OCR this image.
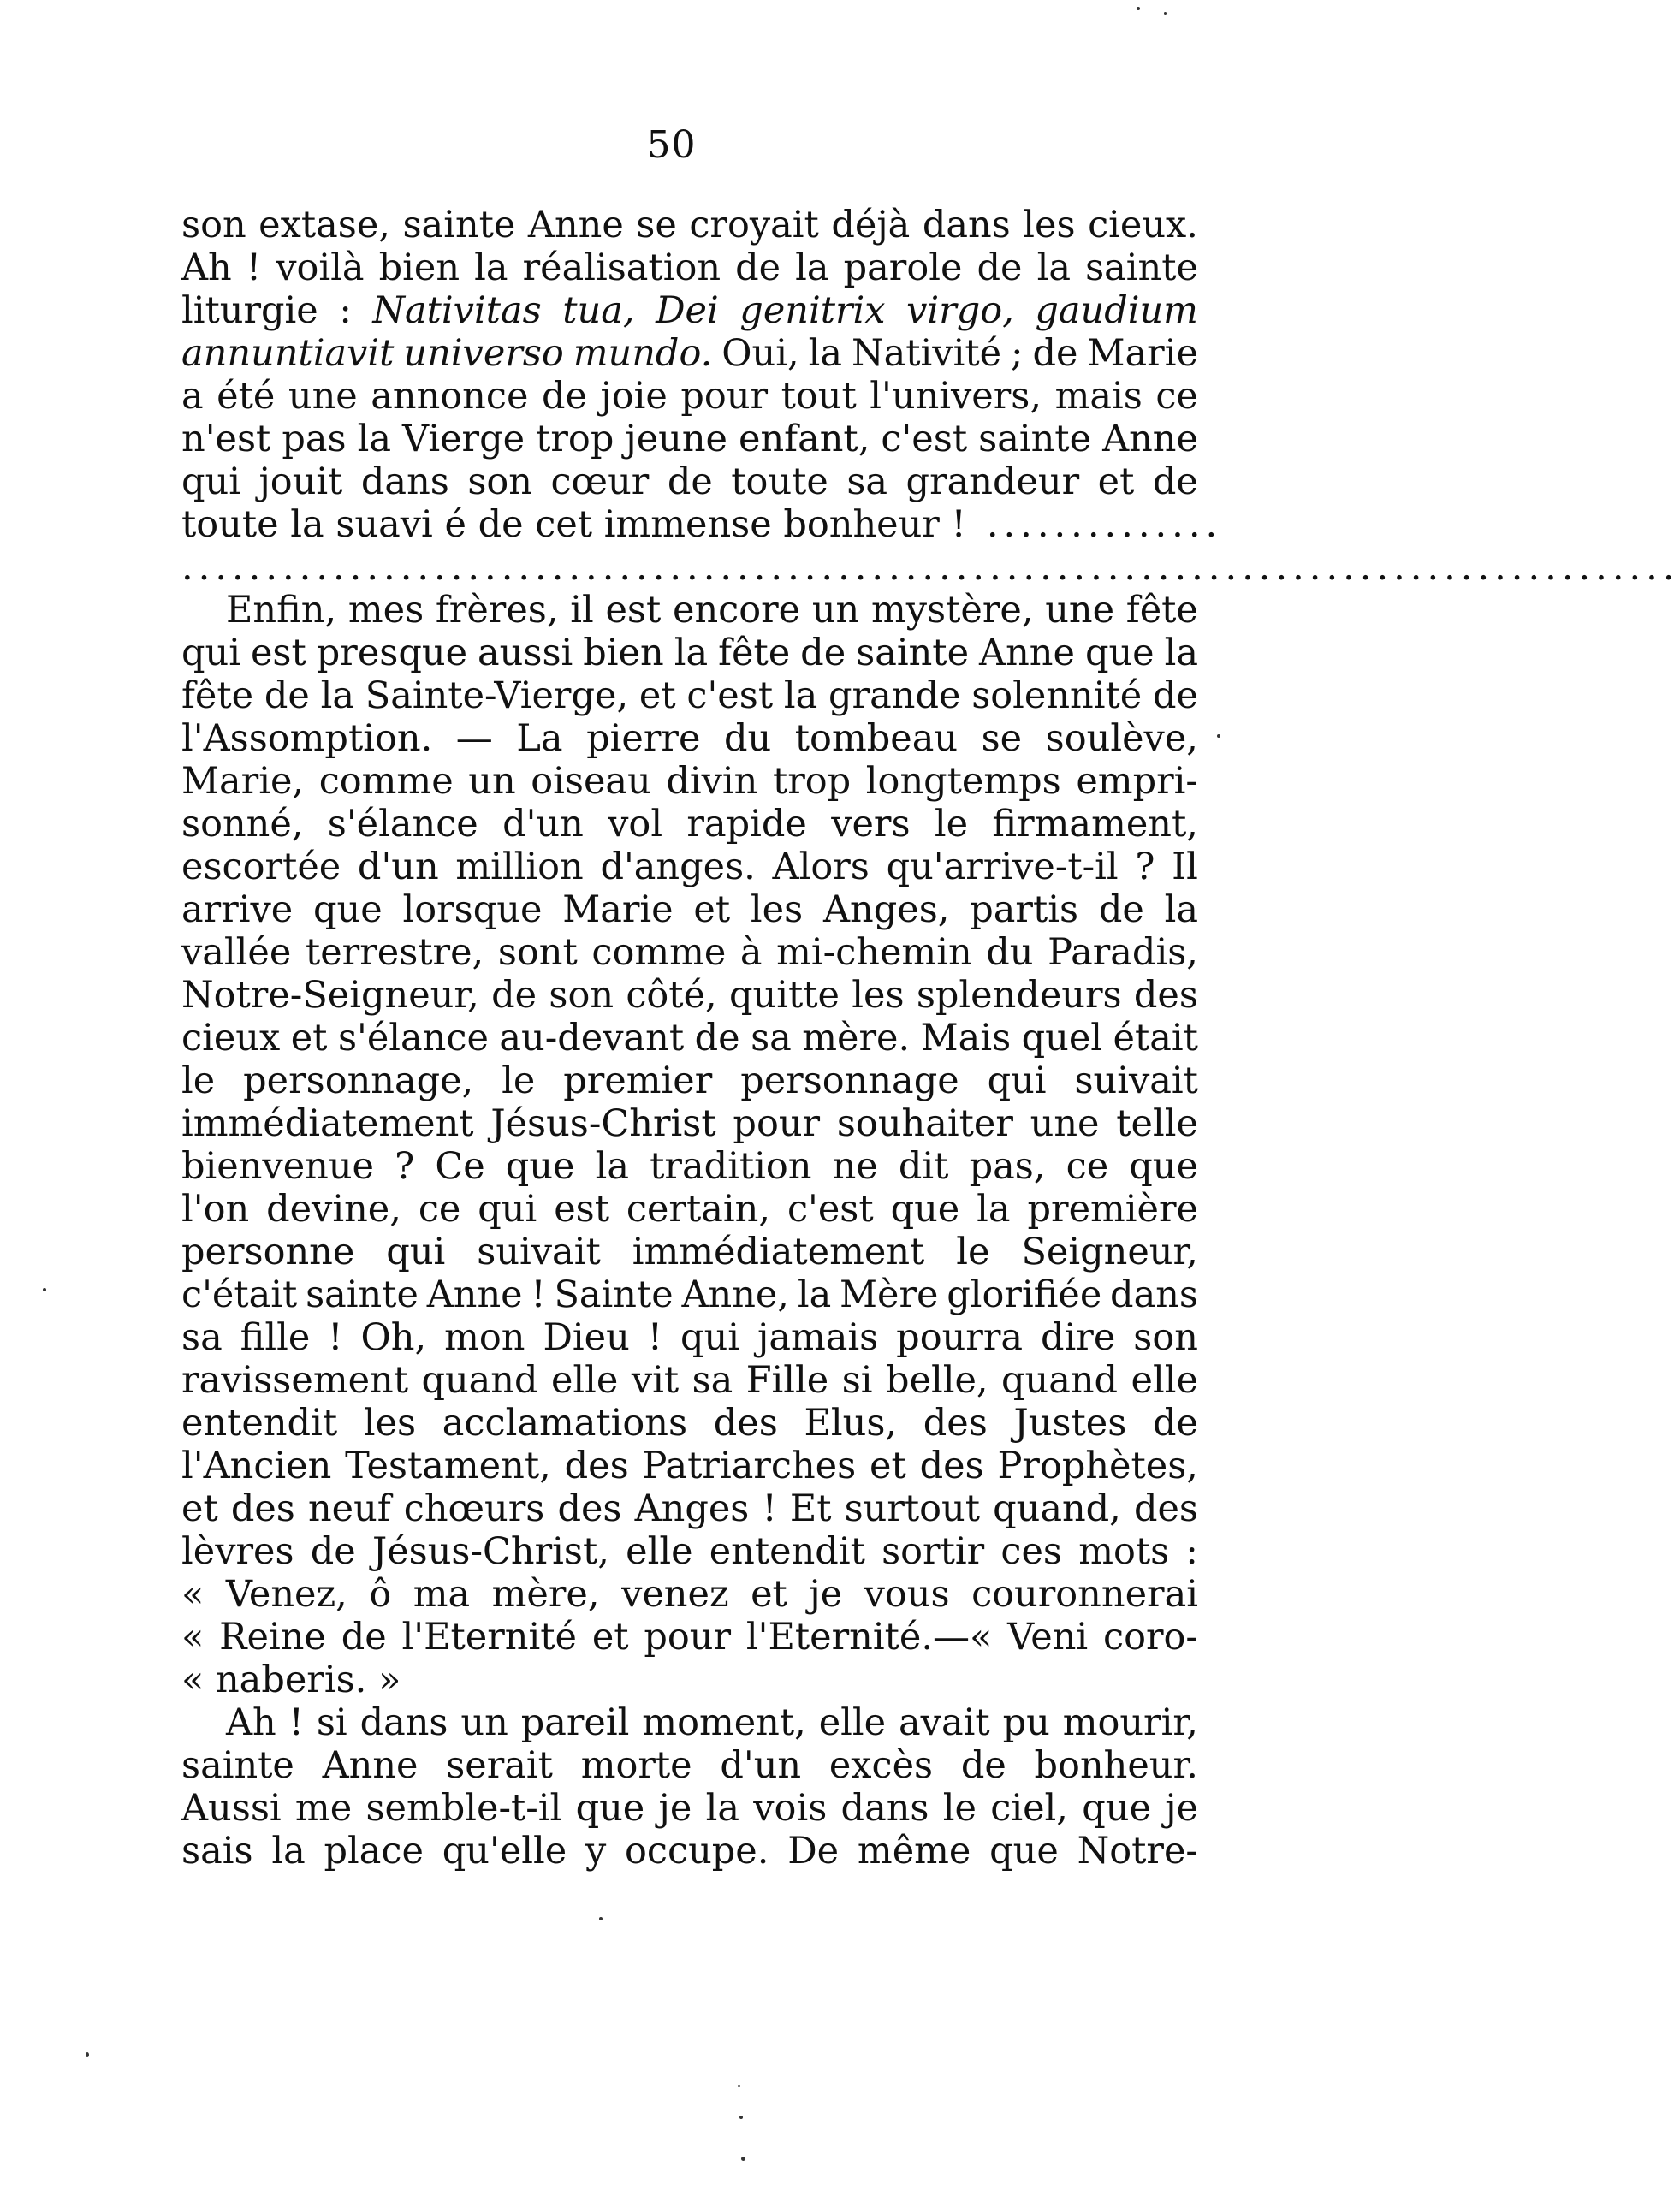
50
son extase, sainte Anne se croyait déjà dans les cieux.
Ah ! voilà bien la réalisation de la parole de la sainte
liturgie : Nativitas tua, Dei genitrix virgo, gaudium
annuntiavit universo mundo. Oui, la Nativité ; de Marie
a été une annonce de joie pour tout l'univers, mais ce
n'est pas la Vierge trop jeune enfant, c'est sainte Anne
qui jouit dans son cœur de toute sa grandeur et de
toute
la
suavi
é
de
cet
immense
bonheur
! ..............
.........................................................................................
Enfin, mes frères, il est encore un mystère, une fête
qui est presque aussi bien la fête de sainte Anne que la
fête de la Sainte-Vierge, et c'est la grande solennité de
l'Assomption. — La pierre du tombeau se soulève,
Marie, comme un oiseau divin trop longtemps empri-
sonné, s'élance d'un vol rapide vers le firmament,
escortée d'un million d'anges. Alors qu'arrive-t-il ? Il
arrive que lorsque Marie et les Anges, partis de la
vallée terrestre, sont comme à mi-chemin du Paradis,
Notre-Seigneur, de son côté, quitte les splendeurs des
cieux et s'élance au-devant de sa mère. Mais quel était
le personnage, le premier personnage qui suivait
immédiatement Jésus-Christ pour souhaiter une telle
bienvenue ? Ce que la tradition ne dit pas, ce que
l'on devine, ce qui est certain, c'est que la première
personne qui suivait immédiatement le Seigneur,
c'était sainte Anne ! Sainte Anne, la Mère glorifiée dans
sa fille ! Oh, mon Dieu ! qui jamais pourra dire son
ravissement quand elle vit sa Fille si belle, quand elle
entendit les acclamations des Elus, des Justes de
l'Ancien Testament, des Patriarches et des Prophètes,
et des neuf chœurs des Anges ! Et surtout quand, des
lèvres de Jésus-Christ, elle entendit sortir ces mots :
« Venez, ô ma mère, venez et je vous couronnerai
« Reine de l'Eternité et pour l'Eternité.—« Veni coro-
«
naberis.
»
Ah ! si dans un pareil moment, elle avait pu mourir,
sainte Anne serait morte d'un excès de bonheur.
Aussi me semble-t-il que je la vois dans le ciel, que je
sais la place qu'elle y occupe. De même que Notre-
